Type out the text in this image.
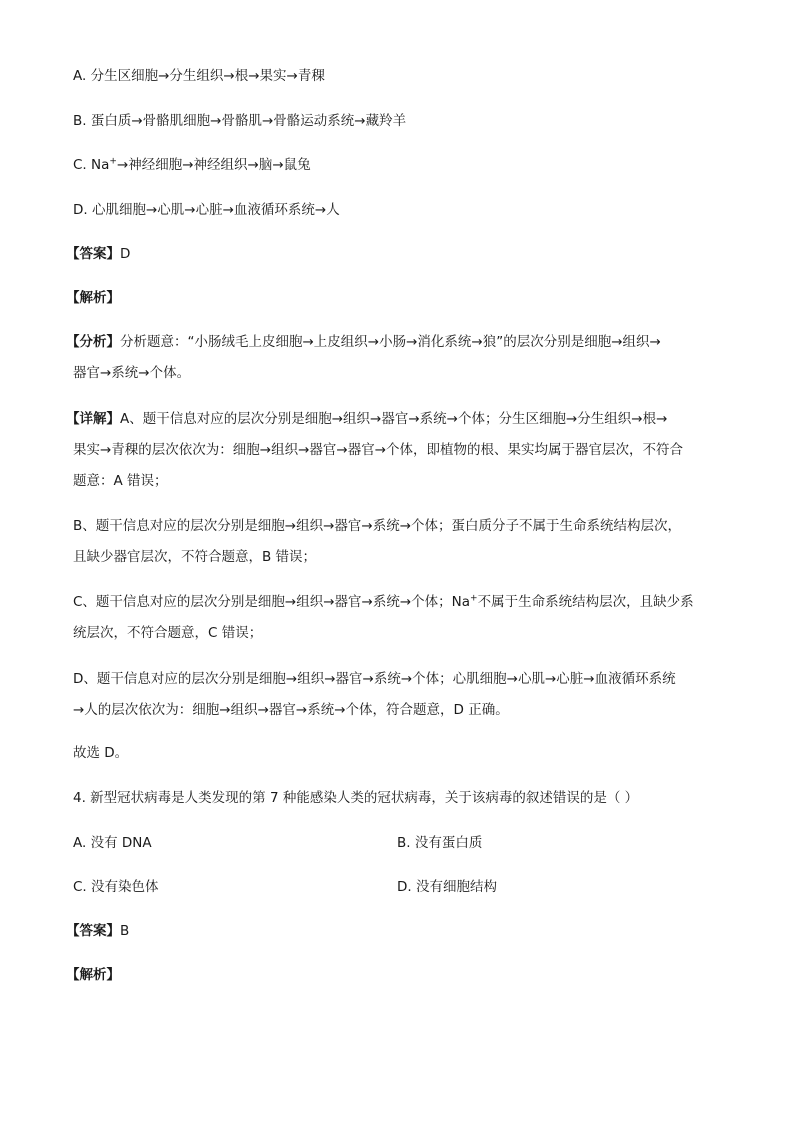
A. 分生区细胞→分生组织→根→果实→青稞
B. 蛋白质→骨骼肌细胞→骨骼肌→骨骼运动系统→藏羚羊
C. Na+→神经细胞→神经组织→脑→鼠兔
D. 心肌细胞→心肌→心脏→血液循环系统→人
【答案】D
【解析】
【分析】分析题意：“小肠绒毛上皮细胞→上皮组织→小肠→消化系统→狼”的层次分别是细胞→组织→
器官→系统→个体。
【详解】A、题干信息对应的层次分别是细胞→组织→器官→系统→个体；分生区细胞→分生组织→根→
果实→青稞的层次依次为：细胞→组织→器官→器官→个体，即植物的根、果实均属于器官层次，不符合
题意：A 错误；
B、题干信息对应的层次分别是细胞→组织→器官→系统→个体；蛋白质分子不属于生命系统结构层次，
且缺少器官层次，不符合题意，B 错误；
C、题干信息对应的层次分别是细胞→组织→器官→系统→个体；Na+不属于生命系统结构层次，且缺少系
统层次，不符合题意，C 错误；
D、题干信息对应的层次分别是细胞→组织→器官→系统→个体；心肌细胞→心肌→心脏→血液循环系统
→人的层次依次为：细胞→组织→器官→系统→个体，符合题意，D 正确。
故选 D。
4. 新型冠状病毒是人类发现的第 7 种能感染人类的冠状病毒，关于该病毒的叙述错误的是（ ）
A. 没有 DNA	B. 没有蛋白质
C. 没有染色体	D. 没有细胞结构
【答案】B
【解析】
